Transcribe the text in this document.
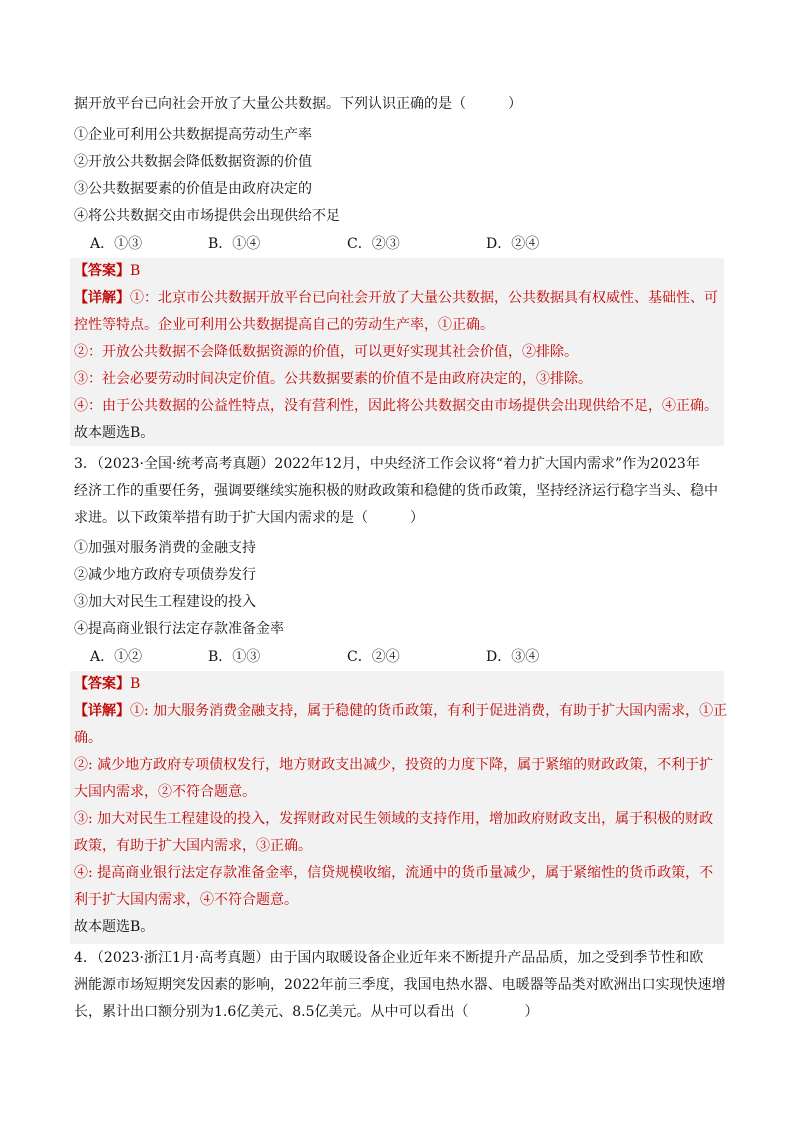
据开放平台已向社会开放了大量公共数据。下列认识正确的是（　　　）
①企业可利用公共数据提高劳动生产率
②开放公共数据会降低数据资源的价值
③公共数据要素的价值是由政府决定的
④将公共数据交由市场提供会出现供给不足
A．①③	B．①④	C．②③	D．②④
【答案】B
【详解】①：北京市公共数据开放平台已向社会开放了大量公共数据，公共数据具有权威性、基础性、可
控性等特点。企业可利用公共数据提高自己的劳动生产率，①正确。
②：开放公共数据不会降低数据资源的价值，可以更好实现其社会价值，②排除。
③：社会必要劳动时间决定价值。公共数据要素的价值不是由政府决定的，③排除。
④：由于公共数据的公益性特点，没有营利性，因此将公共数据交由市场提供会出现供给不足，④正确。
故本题选B。
3．（2023·全国·统考高考真题）2022年12月，中央经济工作会议将“着力扩大国内需求”作为2023年
经济工作的重要任务，强调要继续实施积极的财政政策和稳健的货币政策，坚持经济运行稳字当头、稳中
求进。以下政策举措有助于扩大国内需求的是（　　　）
①加强对服务消费的金融支持
②减少地方政府专项债券发行
③加大对民生工程建设的投入
④提高商业银行法定存款准备金率
A．①②	B．①③	C．②④	D．③④
【答案】B
【详解】①: 加大服务消费金融支持，属于稳健的货币政策，有利于促进消费，有助于扩大国内需求，①正
确。
②: 减少地方政府专项债权发行，地方财政支出减少，投资的力度下降，属于紧缩的财政政策，不利于扩
大国内需求，②不符合题意。
③: 加大对民生工程建设的投入，发挥财政对民生领域的支持作用，增加政府财政支出，属于积极的财政
政策，有助于扩大国内需求，③正确。
④: 提高商业银行法定存款准备金率，信贷规模收缩，流通中的货币量减少，属于紧缩性的货币政策，不
利于扩大国内需求，④不符合题意。
故本题选B。
4．（2023·浙江1月·高考真题）由于国内取暖设备企业近年来不断提升产品品质，加之受到季节性和欧
洲能源市场短期突发因素的影响，2022年前三季度，我国电热水器、电暖器等品类对欧洲出口实现快速增
长，累计出口额分别为1.6亿美元、8.5亿美元。从中可以看出（　　　　）
